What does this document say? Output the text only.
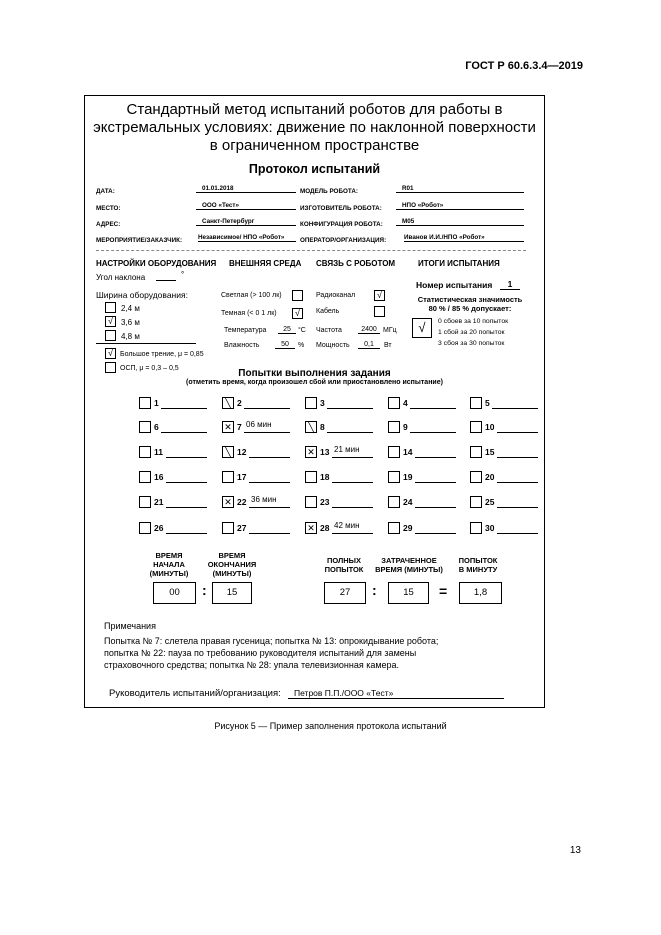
ГОСТ Р 60.6.3.4—2019
Стандартный метод испытаний роботов для работы в
экстремальных условиях: движение по наклонной поверхности
в ограниченном пространстве
Протокол испытаний
ДАТА:	01.01.2018	МОДЕЛЬ РОБОТА:	R01
МЕСТО:	ООО «Тест»	ИЗГОТОВИТЕЛЬ РОБОТА:	НПО «Робот»
АДРЕС:	Санкт-Петербург	КОНФИГУРАЦИЯ РОБОТА:	М05
МЕРОПРИЯТИЕ/ЗАКАЗЧИК:	Независимое/ НПО «Робот»	ОПЕРАТОР/ОРГАНИЗАЦИЯ:	Иванов И.И./НПО «Робот»
НАСТРОЙКИ ОБОРУДОВАНИЯ ВНЕШНЯЯ СРЕДА СВЯЗЬ С РОБОТОМ	ИТОГИ ИСПЫТАНИЯ
Угол наклона	°
Ширина оборудования:
2,4 м
√	3,6 м
4,8 м
√	Большое трение, μ = 0,85
ОСП, μ = 0,3 – 0,5
Светлая (> 100 лк)
Темная (< 0 1 лк)	√
Температура	25	°C
Влажность	50	%
Радиоканал	√
Кабель
Частота	2400 МГц
Мощность	0,1	Вт
Номер испытания	1
Статистическая значимость
80 % / 85 % допускает:
√	0 сбоев за 10 попыток
1 сбой за 20 попыток
3 сбоя за 30 попыток
Попытки выполнения задания
(отметить время, когда произошел сбой или приостановлено испытание)
1	╲ 2	3	4	5
6	✕ 7 06 мин	╲ 8	9	10
11	╲ 12	✕ 13 21 мин	14	15
16	17	18	19	20
21	✕ 22 36 мин	23	24	25
26	27	✕ 28 42 мин	29	30
ВРЕМЯ
НАЧАЛА
(МИНУТЫ)
ВРЕМЯ
ОКОНЧАНИЯ
(МИНУТЫ)
ПОЛНЫХ
ПОПЫТОК
ЗАТРАЧЕННОЕ
ВРЕМЯ (МИНУТЫ)
ПОПЫТОК
В МИНУТУ
00	:	15	27	:	15	=	1,8
Примечания
Попытка № 7: слетела правая гусеница; попытка № 13: опрокидывание робота;
попытка № 22: пауза по требованию руководителя испытаний для замены
страховочного средства; попытка № 28: упала телевизионная камера.
Руководитель испытаний/организация:	Петров П.П./ООО «Тест»
Рисунок 5 — Пример заполнения протокола испытаний
13
